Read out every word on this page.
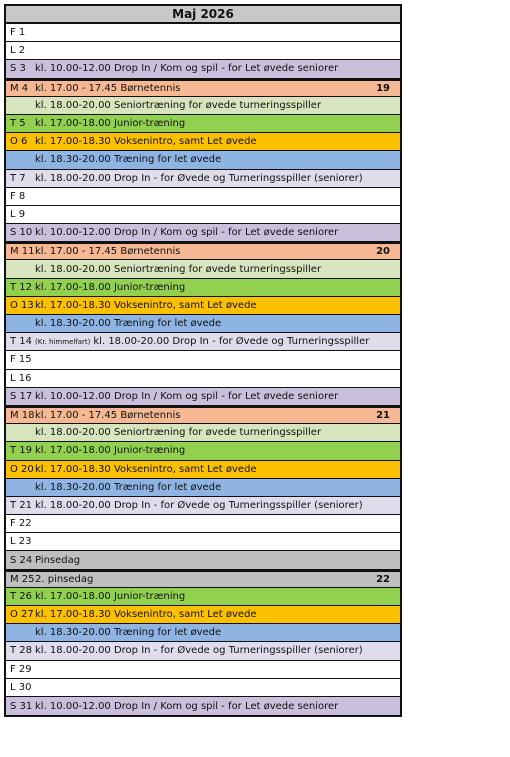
Maj 2026
F 1
L 2
S 3 kl. 10.00-12.00 Drop In / Kom og spil - for Let øvede seniorer
M 4 kl. 17.00 - 17.45 Børnetennis	19
kl. 18.00-20.00 Seniortræning for øvede turneringsspiller
T 5 kl. 17.00-18.00 Junior-træning
O 6 kl. 17.00-18.30 Voksenintro, samt Let øvede
kl. 18.30-20.00 Træning for let øvede
T 7 kl. 18.00-20.00 Drop In - for Øvede og Turneringsspiller (seniorer)
F 8
L 9
S 10 kl. 10.00-12.00 Drop In / Kom og spil - for Let øvede seniorer
M 11 kl. 17.00 - 17.45 Børnetennis	20
kl. 18.00-20.00 Seniortræning for øvede turneringsspiller
T 12 kl. 17.00-18.00 Junior-træning
O 13 kl. 17.00-18.30 Voksenintro, samt Let øvede
kl. 18.30-20.00 Træning for let øvede
T 14 (Kr. himmelfart) kl. 18.00-20.00 Drop In - for Øvede og Turneringsspiller
F 15
L 16
S 17 kl. 10.00-12.00 Drop In / Kom og spil - for Let øvede seniorer
M 18 kl. 17.00 - 17.45 Børnetennis	21
kl. 18.00-20.00 Seniortræning for øvede turneringsspiller
T 19 kl. 17.00-18.00 Junior-træning
O 20 kl. 17.00-18.30 Voksenintro, samt Let øvede
kl. 18.30-20.00 Træning for let øvede
T 21 kl. 18.00-20.00 Drop In - for Øvede og Turneringsspiller (seniorer)
F 22
L 23
S 24 Pinsedag
M 25 2. pinsedag	22
T 26 kl. 17.00-18.00 Junior-træning
O 27 kl. 17.00-18.30 Voksenintro, samt Let øvede
kl. 18.30-20.00 Træning for let øvede
T 28 kl. 18.00-20.00 Drop In - for Øvede og Turneringsspiller (seniorer)
F 29
L 30
S 31 kl. 10.00-12.00 Drop In / Kom og spil - for Let øvede seniorer
